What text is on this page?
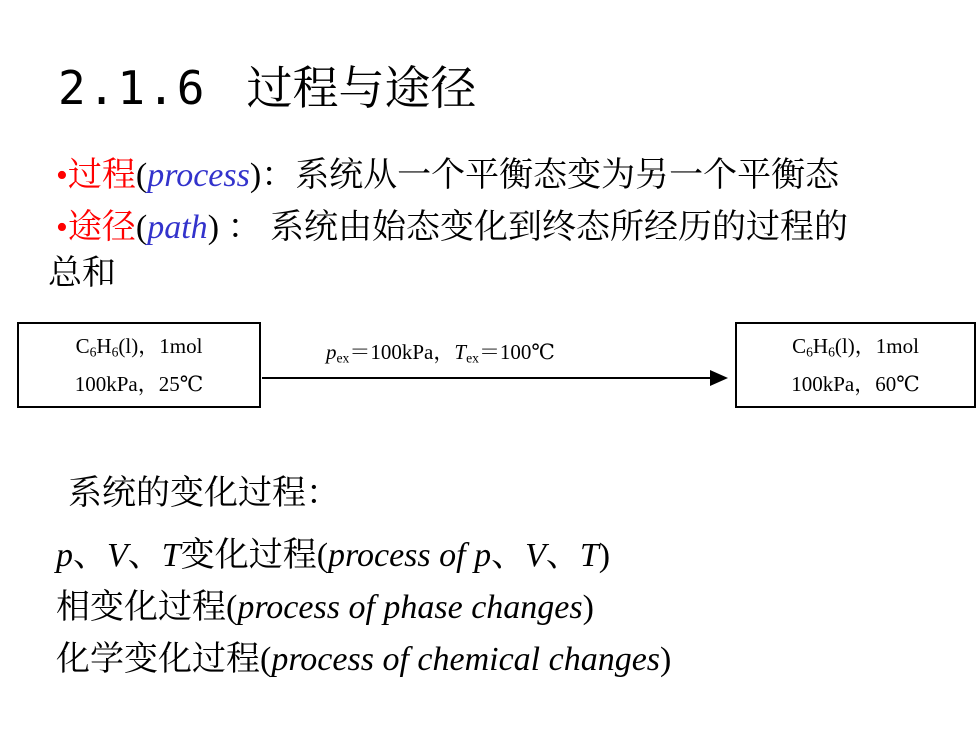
2.1.6 过程与途径
•过程(process)：系统从一个平衡态变为另一个平衡态
•途径(path) ： 系统由始态变化到终态所经历的过程的
总和
$C_6H_6(l)$，1mol
100kPa，25℃
$p_{ex}=100kPa$，$T_{ex}=100℃$	$C_6H_6(l)$，1mol
100kPa，60℃
系统的变化过程：
p、V、T变化过程(process of p、V、T)
相变化过程(process of phase changes)
化学变化过程(process of chemical changes)
